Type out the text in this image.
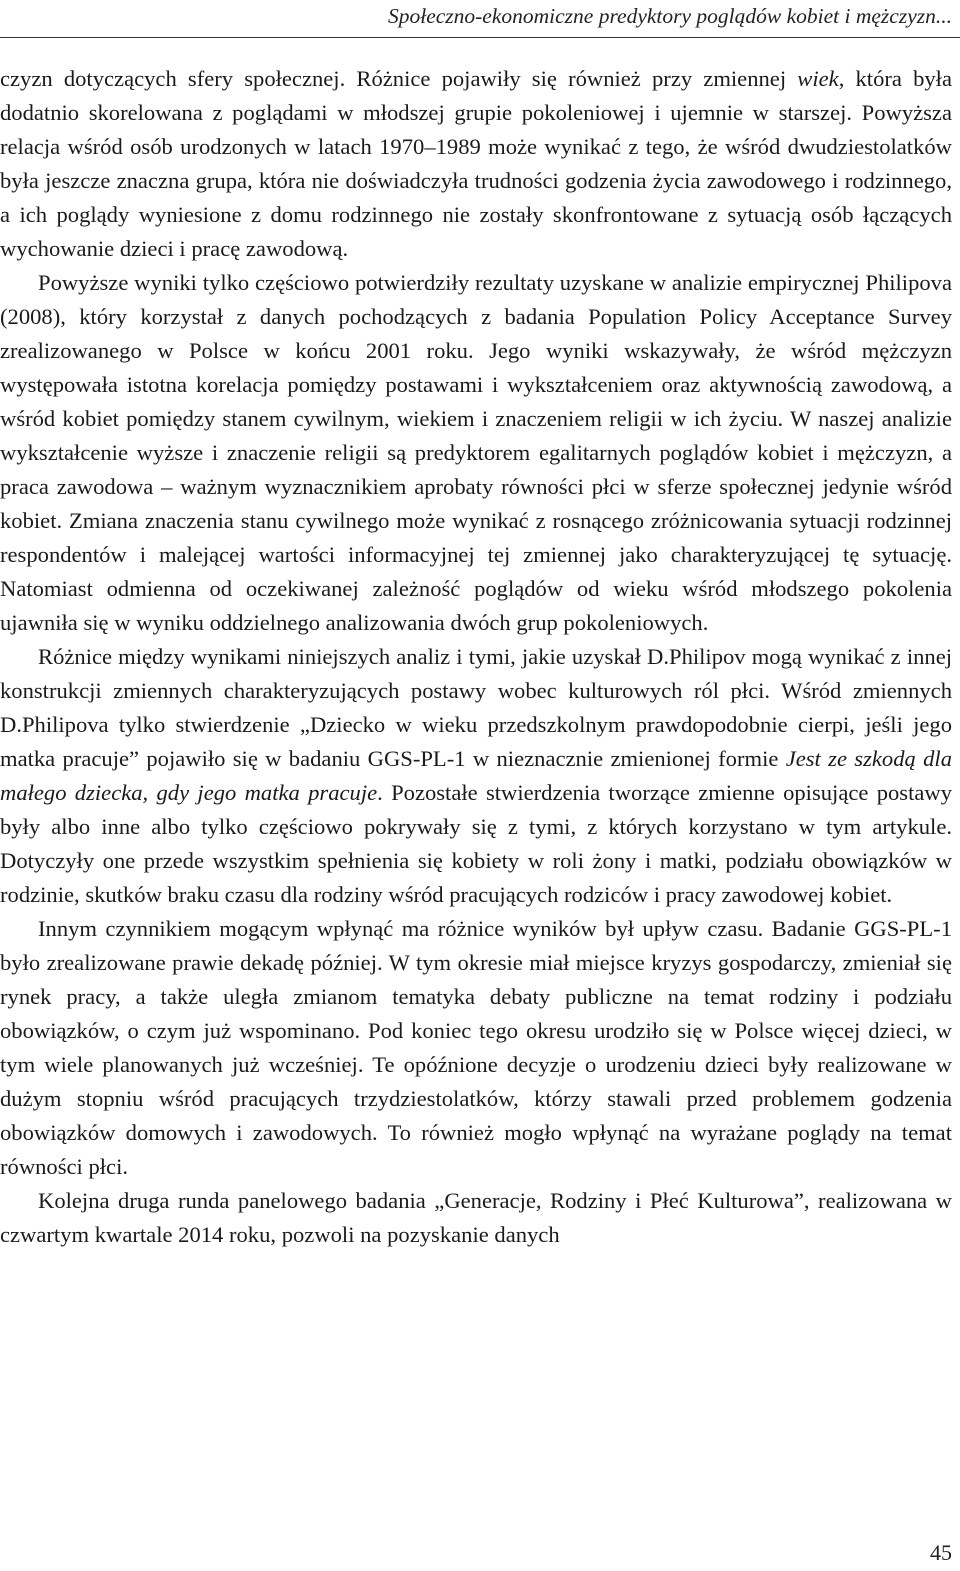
Społeczno-ekonomiczne predyktory poglądów kobiet i mężczyzn...

czyzn dotyczących sfery społecznej. Różnice pojawiły się również przy zmiennej wiek, która była dodatnio skorelowana z poglądami w młodszej grupie pokoleniowej i ujemnie w starszej. Powyższa relacja wśród osób urodzonych w latach 1970–1989 może wynikać z tego, że wśród dwudziestolatków była jeszcze znaczna grupa, która nie doświadczyła trudności godzenia życia zawodowego i rodzinnego, a ich poglądy wyniesione z domu rodzinnego nie zostały skonfrontowane z sytuacją osób łączących wychowanie dzieci i pracę zawodową.

Powyższe wyniki tylko częściowo potwierdziły rezultaty uzyskane w analizie empirycznej Philipova (2008), który korzystał z danych pochodzących z badania Population Policy Acceptance Survey zrealizowanego w Polsce w końcu 2001 roku. Jego wyniki wskazywały, że wśród mężczyzn występowała istotna korelacja pomiędzy postawami i wykształceniem oraz aktywnością zawodową, a wśród kobiet pomiędzy stanem cywilnym, wiekiem i znaczeniem religii w ich życiu. W naszej analizie wykształcenie wyższe i znaczenie religii są predyktorem egalitarnych poglądów kobiet i mężczyzn, a praca zawodowa – ważnym wyznacznikiem aprobaty równości płci w sferze społecznej jedynie wśród kobiet. Zmiana znaczenia stanu cywilnego może wynikać z rosnącego zróżnicowania sytuacji rodzinnej respondentów i malejącej wartości informacyjnej tej zmiennej jako charakteryzującej tę sytuację. Natomiast odmienna od oczekiwanej zależność poglądów od wieku wśród młodszego pokolenia ujawniła się w wyniku oddzielnego analizowania dwóch grup pokoleniowych.

Różnice między wynikami niniejszych analiz i tymi, jakie uzyskał D.Philipov mogą wynikać z innej konstrukcji zmiennych charakteryzujących postawy wobec kulturowych ról płci. Wśród zmiennych D.Philipova tylko stwierdzenie „Dziecko w wieku przedszkolnym prawdopodobnie cierpi, jeśli jego matka pracuje” pojawiło się w badaniu GGS-PL-1 w nieznacznie zmienionej formie Jest ze szkodą dla małego dziecka, gdy jego matka pracuje. Pozostałe stwierdzenia tworzące zmienne opisujące postawy były albo inne albo tylko częściowo pokrywały się z tymi, z których korzystano w tym artykule. Dotyczyły one przede wszystkim spełnienia się kobiety w roli żony i matki, podziału obowiązków w rodzinie, skutków braku czasu dla rodziny wśród pracujących rodziców i pracy zawodowej kobiet.

Innym czynnikiem mogącym wpłynąć ma różnice wyników był upływ czasu. Badanie GGS-PL-1 było zrealizowane prawie dekadę później. W tym okresie miał miejsce kryzys gospodarczy, zmieniał się rynek pracy, a także uległa zmianom tematyka debaty publiczne na temat rodziny i podziału obowiązków, o czym już wspominano. Pod koniec tego okresu urodziło się w Polsce więcej dzieci, w tym wiele planowanych już wcześniej. Te opóźnione decyzje o urodzeniu dzieci były realizowane w dużym stopniu wśród pracujących trzydziestolatków, którzy stawali przed problemem godzenia obowiązków domowych i zawodowych. To również mogło wpłynąć na wyrażane poglądy na temat równości płci.

Kolejna druga runda panelowego badania „Generacje, Rodziny i Płeć Kulturowa”, realizowana w czwartym kwartale 2014 roku, pozwoli na pozyskanie danych

45
